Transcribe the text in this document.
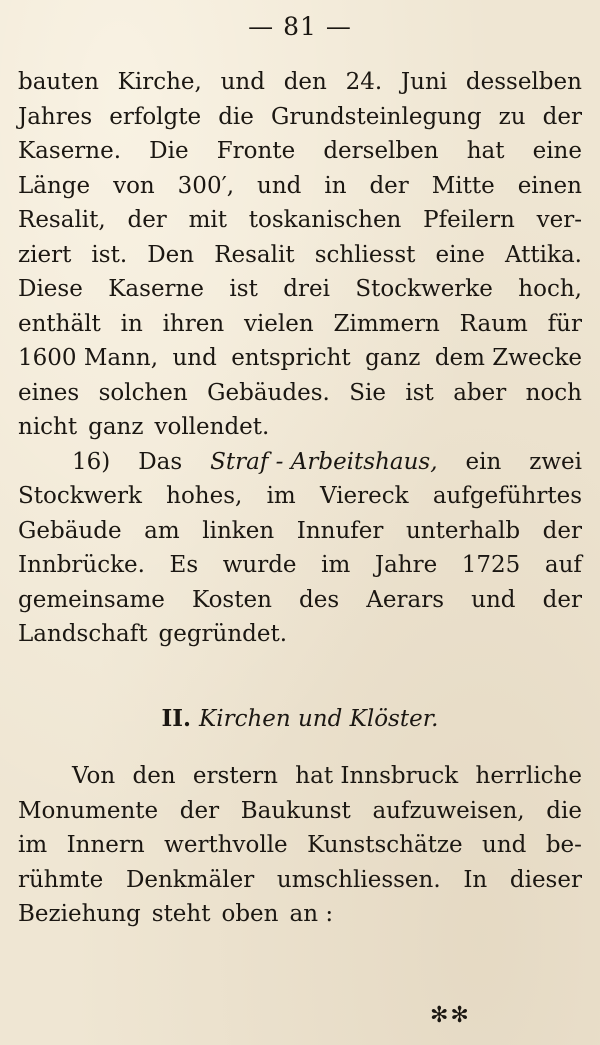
— 81 —
bauten Kirche, und den 24. Juni desselben
Jahres erfolgte die Grundsteinlegung zu der
Kaserne. Die Fronte derselben hat eine
Länge von 300′, und in der Mitte einen
Resalit, der mit toskanischen Pfeilern ver-
ziert ist. Den Resalit schliesst eine Attika.
Diese Kaserne ist drei Stockwerke hoch,
enthält in ihren vielen Zimmern Raum für
1600 Mann, und entspricht ganz dem Zwecke
eines solchen Gebäudes. Sie ist aber noch
nicht ganz vollendet.
16) Das Straf - Arbeitshaus, ein zwei
Stockwerk hohes, im Viereck aufgeführtes
Gebäude am linken Innufer unterhalb der
Innbrücke. Es wurde im Jahre 1725 auf
gemeinsame Kosten des Aerars und der
Landschaft gegründet.
II. Kirchen und Klöster.
Von den erstern hat Innsbruck herrliche
Monumente der Baukunst aufzuweisen, die
im Innern werthvolle Kunstschätze und be-
rühmte Denkmäler umschliessen. In dieser
Beziehung steht oben an :
✻✻
